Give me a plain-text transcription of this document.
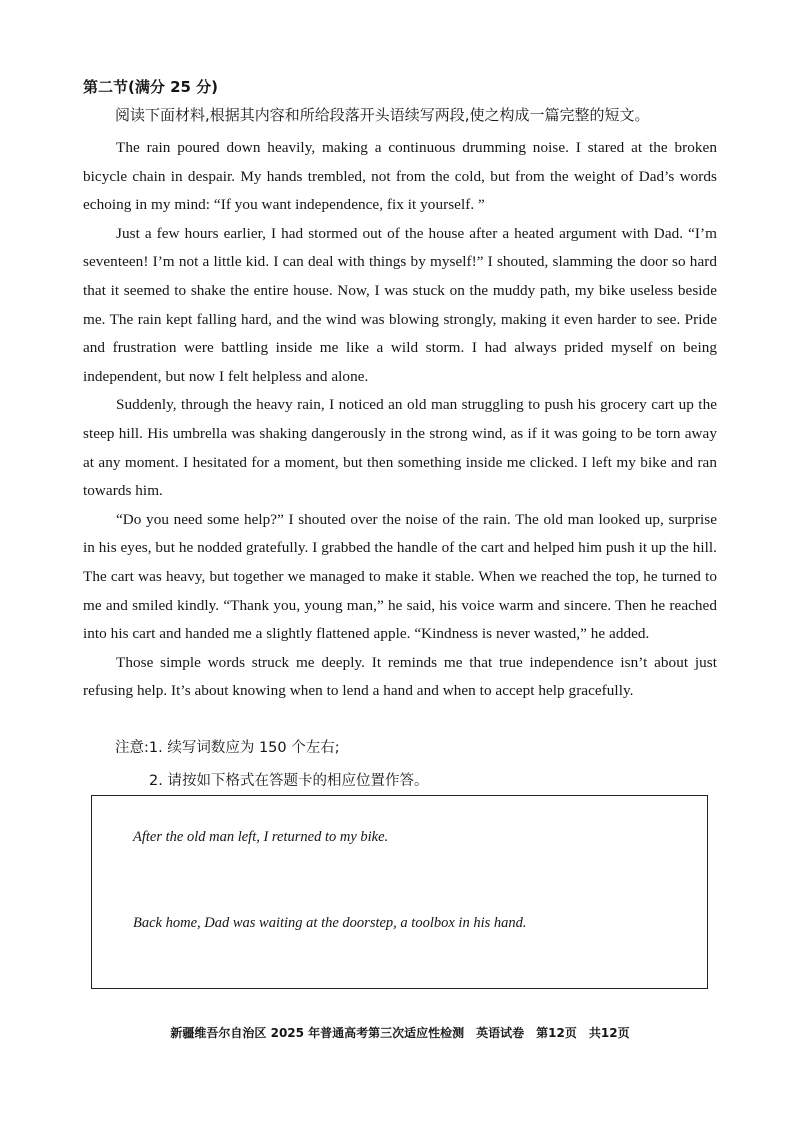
第二节(满分 25 分)

阅读下面材料,根据其内容和所给段落开头语续写两段,使之构成一篇完整的短文。

The rain poured down heavily, making a continuous drumming noise. I stared at the broken bicycle chain in despair. My hands trembled, not from the cold, but from the weight of Dad’s words echoing in my mind: “If you want independence, fix it yourself. ”

Just a few hours earlier, I had stormed out of the house after a heated argument with Dad. “I’m seventeen! I’m not a little kid. I can deal with things by myself!” I shouted, slamming the door so hard that it seemed to shake the entire house. Now, I was stuck on the muddy path, my bike useless beside me. The rain kept falling hard, and the wind was blowing strongly, making it even harder to see. Pride and frustration were battling inside me like a wild storm. I had always prided myself on being independent, but now I felt helpless and alone.

Suddenly, through the heavy rain, I noticed an old man struggling to push his grocery cart up the steep hill. His umbrella was shaking dangerously in the strong wind, as if it was going to be torn away at any moment. I hesitated for a moment, but then something inside me clicked. I left my bike and ran towards him.

“Do you need some help?” I shouted over the noise of the rain. The old man looked up, surprise in his eyes, but he nodded gratefully. I grabbed the handle of the cart and helped him push it up the hill. The cart was heavy, but together we managed to make it stable. When we reached the top, he turned to me and smiled kindly. “Thank you, young man,” he said, his voice warm and sincere. Then he reached into his cart and handed me a slightly flattened apple. “Kindness is never wasted,” he added.

Those simple words struck me deeply. It reminds me that true independence isn’t about just refusing help. It’s about knowing when to lend a hand and when to accept help gracefully.

注意:1. 续写词数应为 150 个左右;

2. 请按如下格式在答题卡的相应位置作答。

After the old man left, I returned to my bike.

Back home, Dad was waiting at the doorstep, a toolbox in his hand.

新疆维吾尔自治区 2025 年普通高考第三次适应性检测　英语试卷　第12页　共12页
